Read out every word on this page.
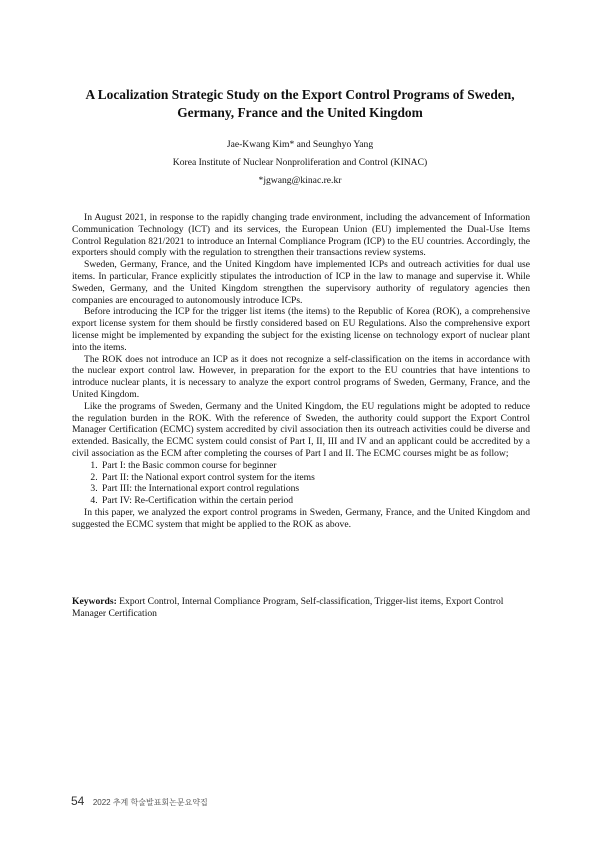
A Localization Strategic Study on the Export Control Programs of Sweden, Germany, France and the United Kingdom
Jae-Kwang Kim* and Seunghyo Yang
Korea Institute of Nuclear Nonproliferation and Control (KINAC)
*jgwang@kinac.re.kr

In August 2021, in response to the rapidly changing trade environment, including the advancement of Information Communication Technology (ICT) and its services, the European Union (EU) implemented the Dual-Use Items Control Regulation 821/2021 to introduce an Internal Compliance Program (ICP) to the EU countries. Accordingly, the exporters should comply with the regulation to strengthen their transactions review systems.

Sweden, Germany, France, and the United Kingdom have implemented ICPs and outreach activities for dual use items. In particular, France explicitly stipulates the introduction of ICP in the law to manage and supervise it. While Sweden, Germany, and the United Kingdom strengthen the supervisory authority of regulatory agencies then companies are encouraged to autonomously introduce ICPs.

Before introducing the ICP for the trigger list items (the items) to the Republic of Korea (ROK), a comprehensive export license system for them should be firstly considered based on EU Regulations. Also the comprehensive export license might be implemented by expanding the subject for the existing license on technology export of nuclear plant into the items.

The ROK does not introduce an ICP as it does not recognize a self-classification on the items in accordance with the nuclear export control law. However, in preparation for the export to the EU countries that have intentions to introduce nuclear plants, it is necessary to analyze the export control programs of Sweden, Germany, France, and the United Kingdom.

Like the programs of Sweden, Germany and the United Kingdom, the EU regulations might be adopted to reduce the regulation burden in the ROK. With the reference of Sweden, the authority could support the Export Control Manager Certification (ECMC) system accredited by civil association then its outreach activities could be diverse and extended. Basically, the ECMC system could consist of Part I, II, III and IV and an applicant could be accredited by a civil association as the ECM after completing the courses of Part I and II. The ECMC courses might be as follow;

1. Part I: the Basic common course for beginner
2. Part II: the National export control system for the items
3. Part III: the International export control regulations
4. Part IV: Re-Certification within the certain period

In this paper, we analyzed the export control programs in Sweden, Germany, France, and the United Kingdom and suggested the ECMC system that might be applied to the ROK as above.

Keywords: Export Control, Internal Compliance Program, Self-classification, Trigger-list items, Export Control Manager Certification
54 2022 추계 학술발표회논문요약집
